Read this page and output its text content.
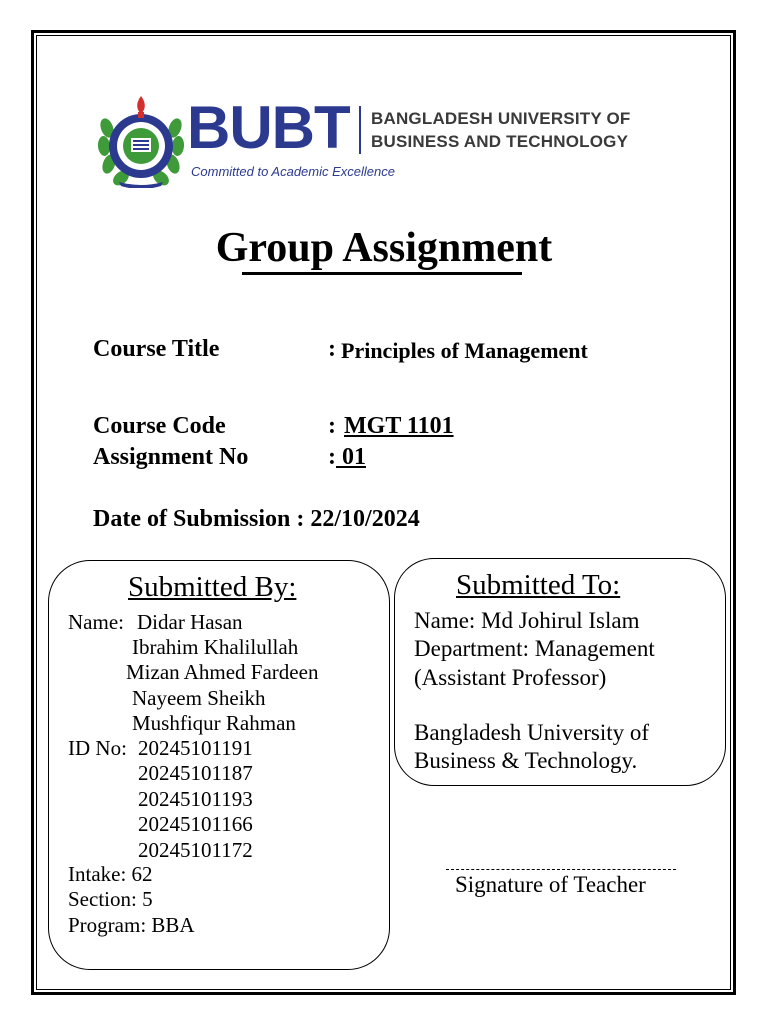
BUBT BANGLADESH UNIVERSITY OF
BUSINESS AND TECHNOLOGY
Committed to Academic Excellence
Group Assignment
Course Title	: Principles of Management
Course Code	: MGT 1101
Assignment No	: 01
Date of Submission : 22/10/2024
Submitted By:
Name: Didar Hasan
Ibrahim Khalilullah
Mizan Ahmed Fardeen
Nayeem Sheikh
Mushfiqur Rahman
ID No: 20245101191
20245101187
20245101193
20245101166
20245101172
Intake: 62
Section: 5
Program: BBA
Submitted To:
Name: Md Johirul Islam
Department: Management
(Assistant Professor)
Bangladesh University of
Business & Technology.
Signature of Teacher
